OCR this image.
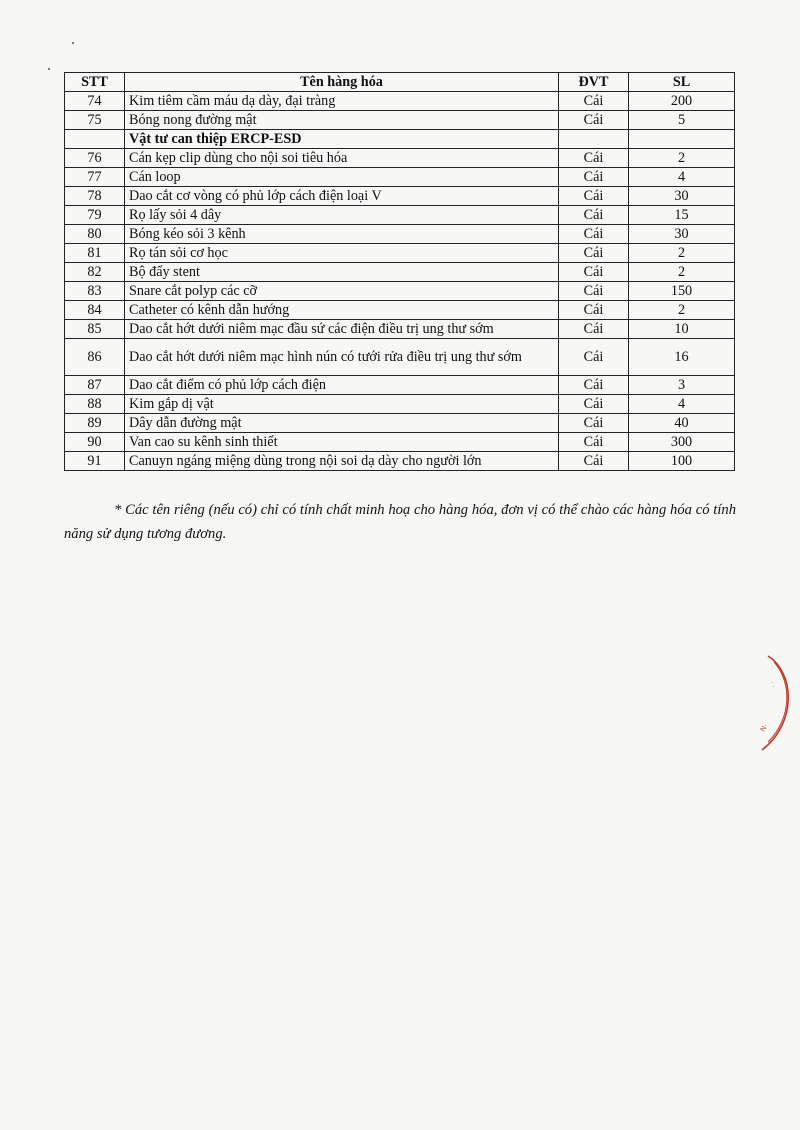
STT	Tên hàng hóa	ĐVT	SL
74	Kim tiêm cầm máu dạ dày, đại tràng	Cái	200
75	Bóng nong đường mật	Cái	5
	Vật tư can thiệp ERCP-ESD		
76	Cán kẹp clip dùng cho nội soi tiêu hóa	Cái	2
77	Cán loop	Cái	4
78	Dao cắt cơ vòng có phủ lớp cách điện loại V	Cái	30
79	Rọ lấy sỏi 4 dây	Cái	15
80	Bóng kéo sỏi 3 kênh	Cái	30
81	Rọ tán sỏi cơ học	Cái	2
82	Bộ đẩy stent	Cái	2
83	Snare cắt polyp các cỡ	Cái	150
84	Catheter có kênh dẫn hướng	Cái	2
85	Dao cắt hớt dưới niêm mạc đầu sứ các điện điều trị ung thư sớm	Cái	10
86	Dao cắt hớt dưới niêm mạc hình nún có tưới rửa điều trị ung thư sớm	Cái	16
87	Dao cắt điểm có phủ lớp cách điện	Cái	3
88	Kim gắp dị vật	Cái	4
89	Dây dẫn đường mật	Cái	40
90	Van cao su kênh sinh thiết	Cái	300
91	Canuyn ngáng miệng dùng trong nội soi dạ dày cho người lớn	Cái	100

* Các tên riêng (nếu có) chỉ có tính chất minh hoạ cho hàng hóa, đơn vị có thể chào các hàng hóa có tính năng sử dụng tương đương.

· ·
N·
